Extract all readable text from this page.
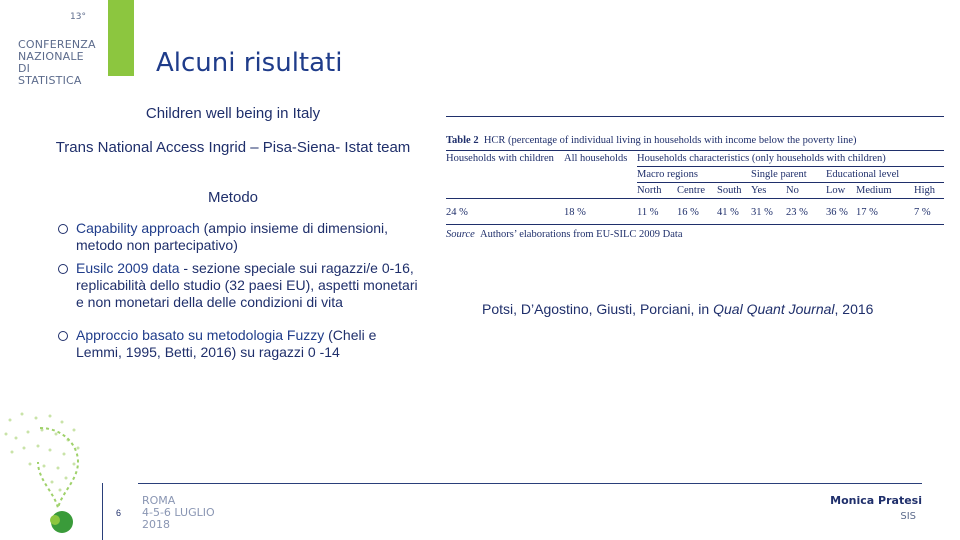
13°
CONFERENZA
NAZIONALE
DI STATISTICA
Alcuni risultati
Children well being in Italy
Trans National Access Ingrid – Pisa-Siena- Istat team
Metodo
Capability approach (ampio insieme di dimensioni, metodo non partecipativo)
Eusilc 2009 data - sezione speciale sui ragazzi/e 0-16, replicabilità dello studio (32 paesi EU), aspetti monetari e non monetari della delle condizioni di vita
Approccio basato su metodologia Fuzzy (Cheli e Lemmi, 1995, Betti, 2016) su ragazzi 0 -14
Table 2 HCR (percentage of individual living in households with income below the poverty line)
Households with children	All households	Households characteristics (only households with children)							
		Macro regions			Single parent		Educational level		
		North	Centre	South	Yes	No	Low	Medium	High
24 %	18 %	11 %	16 %	41 %	31 %	23 %	36 %	17 %	7 %
Source Authors’ elaborations from EU-SILC 2009 Data
Potsi, D’Agostino, Giusti, Porciani, in Qual Quant Journal, 2016
6
ROMA
4-5-6 LUGLIO
2018
Monica Pratesi
SIS
